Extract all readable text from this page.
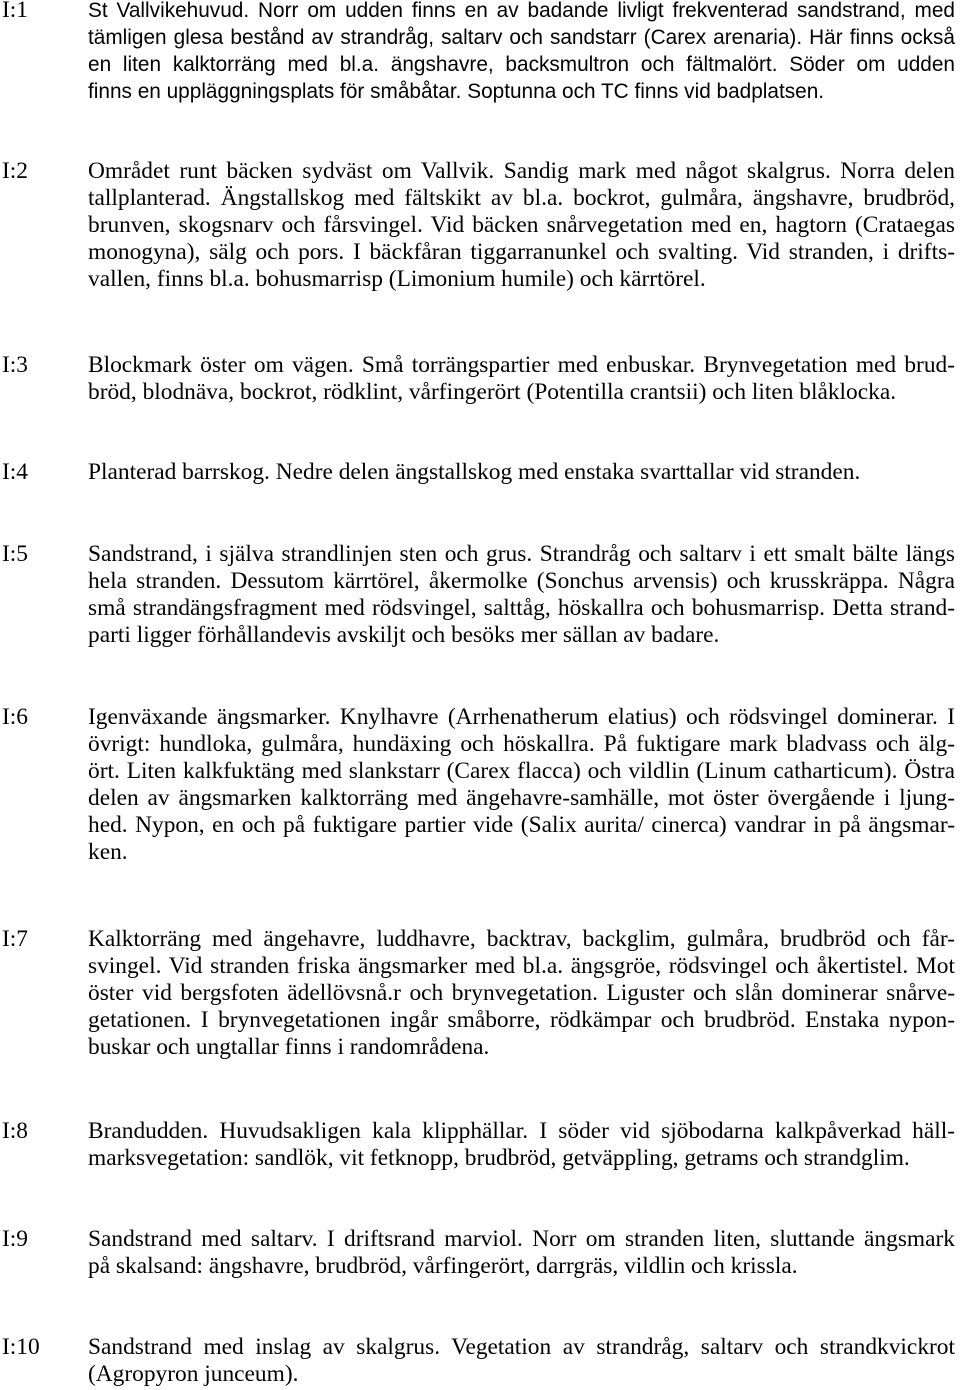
I:1	St Vallvikehuvud. Norr om udden finns en av badande livligt frekventerad sandstrand, med
tämligen glesa bestånd av strandråg, saltarv och sandstarr (Carex arenaria). Här finns också
en liten kalktorräng med bl.a. ängshavre, backsmultron och fältmalört. Söder om udden
finns en uppläggningsplats för småbåtar. Soptunna och TC finns vid badplatsen.
I:2	Området runt bäcken sydväst om Vallvik. Sandig mark med något skalgrus. Norra delen
tallplanterad. Ängstallskog med fältskikt av bl.a. bockrot, gulmåra, ängshavre, brudbröd,
brunven, skogsnarv och fårsvingel. Vid bäcken snårvegetation med en, hagtorn (Crataegas
monogyna), sälg och pors. I bäckfåran tiggarranunkel och svalting. Vid stranden, i drifts-
vallen, finns bl.a. bohusmarrisp (Limonium humile) och kärrtörel.
I:3	Blockmark öster om vägen. Små torrängspartier med enbuskar. Brynvegetation med brud-
bröd, blodnäva, bockrot, rödklint, vårfingerört (Potentilla crantsii) och liten blåklocka.
I:4	Planterad barrskog. Nedre delen ängstallskog med enstaka svarttallar vid stranden.
I:5	Sandstrand, i själva strandlinjen sten och grus. Strandråg och saltarv i ett smalt bälte längs
hela stranden. Dessutom kärrtörel, åkermolke (Sonchus arvensis) och krusskräppa. Några
små strandängsfragment med rödsvingel, salttåg, höskallra och bohusmarrisp. Detta strand-
parti ligger förhållandevis avskiljt och besöks mer sällan av badare.
I:6	Igenväxande ängsmarker. Knylhavre (Arrhenatherum elatius) och rödsvingel dominerar. I
övrigt: hundloka, gulmåra, hundäxing och höskallra. På fuktigare mark bladvass och älg-
ört. Liten kalkfuktäng med slankstarr (Carex flacca) och vildlin (Linum catharticum). Östra
delen av ängsmarken kalktorräng med ängehavre-samhälle, mot öster övergående i ljung-
hed. Nypon, en och på fuktigare partier vide (Salix aurita/ cinerca) vandrar in på ängsmar-
ken.
I:7	Kalktorräng med ängehavre, luddhavre, backtrav, backglim, gulmåra, brudbröd och får-
svingel. Vid stranden friska ängsmarker med bl.a. ängsgröe, rödsvingel och åkertistel. Mot
öster vid bergsfoten ädellövsnå.r och brynvegetation. Liguster och slån dominerar snårve-
getationen. I brynvegetationen ingår småborre, rödkämpar och brudbröd. Enstaka nypon-
buskar och ungtallar finns i randområdena.
I:8	Brandudden. Huvudsakligen kala klipphällar. I söder vid sjöbodarna kalkpåverkad häll-
marksvegetation: sandlök, vit fetknopp, brudbröd, getväppling, getrams och strandglim.
I:9	Sandstrand med saltarv. I driftsrand marviol. Norr om stranden liten, sluttande ängsmark
på skalsand: ängshavre, brudbröd, vårfingerört, darrgräs, vildlin och krissla.
I:10 Sandstrand med inslag av skalgrus. Vegetation av strandråg, saltarv och strandkvickrot
(Agropyron junceum).
